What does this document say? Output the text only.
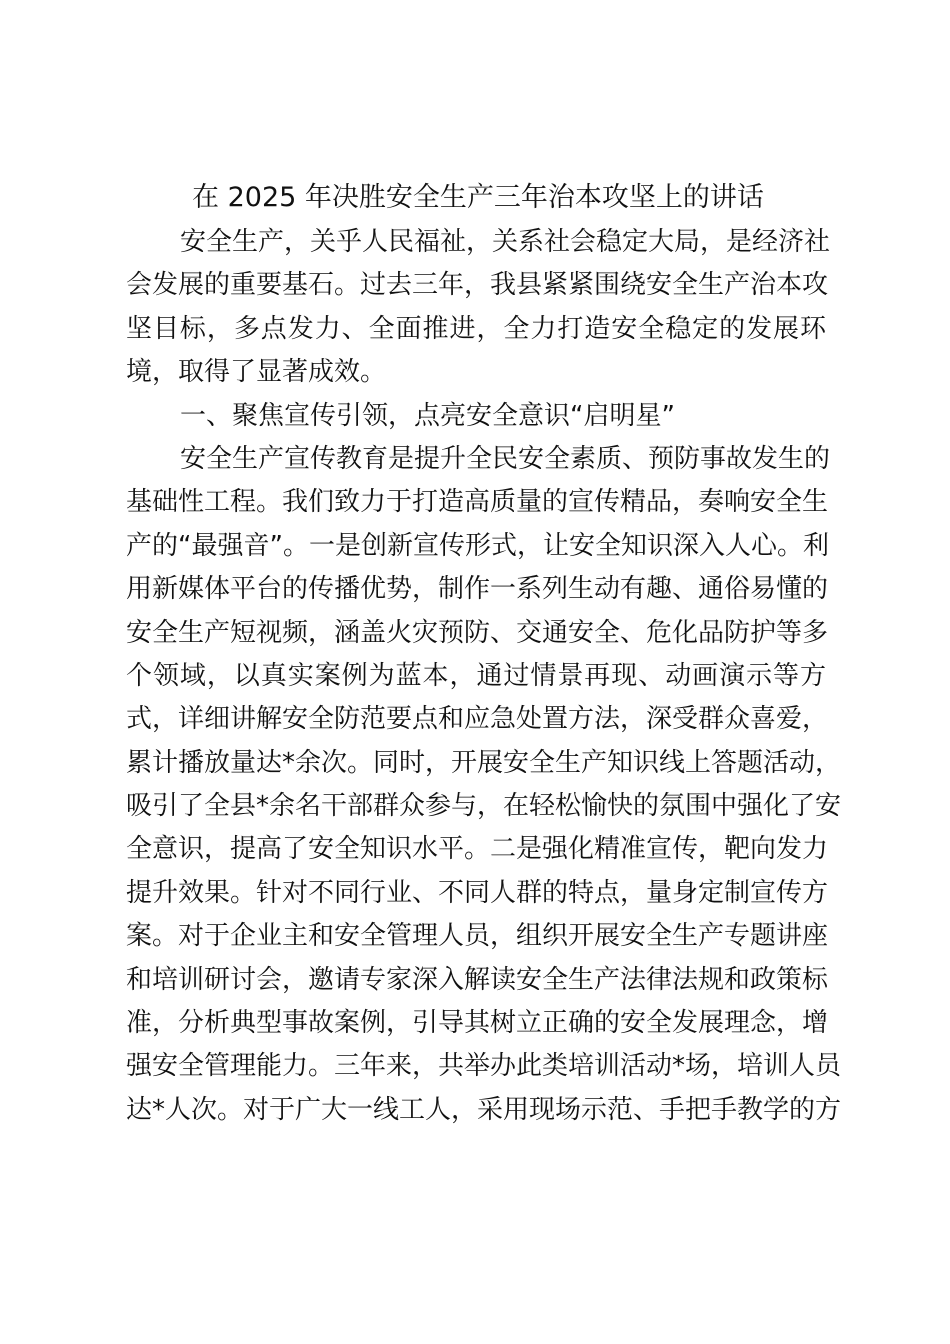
在 2025 年决胜安全生产三年治本攻坚上的讲话
安全生产，关乎人民福祉，关系社会稳定大局，是经济社
会发展的重要基石。过去三年，我县紧紧围绕安全生产治本攻
坚目标，多点发力、全面推进，全力打造安全稳定的发展环
境，取得了显著成效。
一、聚焦宣传引领，点亮安全意识“启明星”
安全生产宣传教育是提升全民安全素质、预防事故发生的
基础性工程。我们致力于打造高质量的宣传精品，奏响安全生
产的“最强音”。一是创新宣传形式，让安全知识深入人心。利
用新媒体平台的传播优势，制作一系列生动有趣、通俗易懂的
安全生产短视频，涵盖火灾预防、交通安全、危化品防护等多
个领域，以真实案例为蓝本，通过情景再现、动画演示等方
式，详细讲解安全防范要点和应急处置方法，深受群众喜爱，
累计播放量达*余次。同时，开展安全生产知识线上答题活动，
吸引了全县*余名干部群众参与，在轻松愉快的氛围中强化了安
全意识，提高了安全知识水平。二是强化精准宣传，靶向发力
提升效果。针对不同行业、不同人群的特点，量身定制宣传方
案。对于企业主和安全管理人员，组织开展安全生产专题讲座
和培训研讨会，邀请专家深入解读安全生产法律法规和政策标
准，分析典型事故案例，引导其树立正确的安全发展理念，增
强安全管理能力。三年来，共举办此类培训活动*场，培训人员
达*人次。对于广大一线工人，采用现场示范、手把手教学的方
